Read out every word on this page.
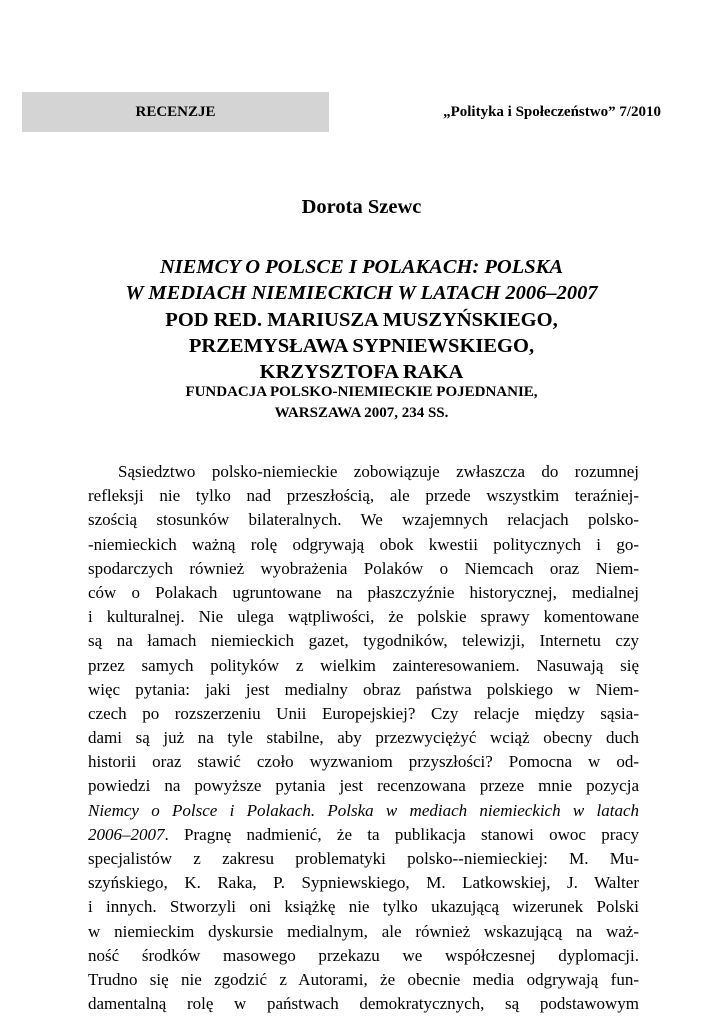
RECENZJE	„Polityka i Społeczeństwo” 7/2010
Dorota Szewc
NIEMCY O POLSCE I POLAKACH: POLSKA
W MEDIACH NIEMIECKICH W LATACH 2006–2007
POD RED. MARIUSZA MUSZYŃSKIEGO,
PRZEMYSŁAWA SYPNIEWSKIEGO,
KRZYSZTOFA RAKA
FUNDACJA POLSKO-NIEMIECKIE POJEDNANIE,
WARSZAWA 2007, 234 SS.
Sąsiedztwo polsko-niemieckie zobowiązuje zwłaszcza do rozumnej
refleksji nie tylko nad przeszłością, ale przede wszystkim teraźniej-
szością stosunków bilateralnych. We wzajemnych relacjach polsko-
-niemieckich ważną rolę odgrywają obok kwestii politycznych i go-
spodarczych również wyobrażenia Polaków o Niemcach oraz Niem-
ców o Polakach ugruntowane na płaszczyźnie historycznej, medialnej
i kulturalnej. Nie ulega wątpliwości, że polskie sprawy komentowane
są na łamach niemieckich gazet, tygodników, telewizji, Internetu czy
przez samych polityków z wielkim zainteresowaniem. Nasuwają się
więc pytania: jaki jest medialny obraz państwa polskiego w Niem-
czech po rozszerzeniu Unii Europejskiej? Czy relacje między sąsia-
dami są już na tyle stabilne, aby przezwyciężyć wciąż obecny duch
historii oraz stawić czoło wyzwaniom przyszłości? Pomocna w od-
powiedzi na powyższe pytania jest recenzowana przeze mnie pozycja
Niemcy o Polsce i Polakach. Polska w mediach niemieckich w latach
2006–2007. Pragnę nadmienić, że ta publikacja stanowi owoc pracy
specjalistów z zakresu problematyki polsko--niemieckiej: M. Mu-
szyńskiego, K. Raka, P. Sypniewskiego, M. Latkowskiej, J. Walter
i innych. Stworzyli oni książkę nie tylko ukazującą wizerunek Polski
w niemieckim dyskursie medialnym, ale również wskazującą na waż-
ność środków masowego przekazu we współczesnej dyplomacji.
Trudno się nie zgodzić z Autorami, że obecnie media odgrywają fun-
damentalną rolę w państwach demokratycznych, są podstawowym
